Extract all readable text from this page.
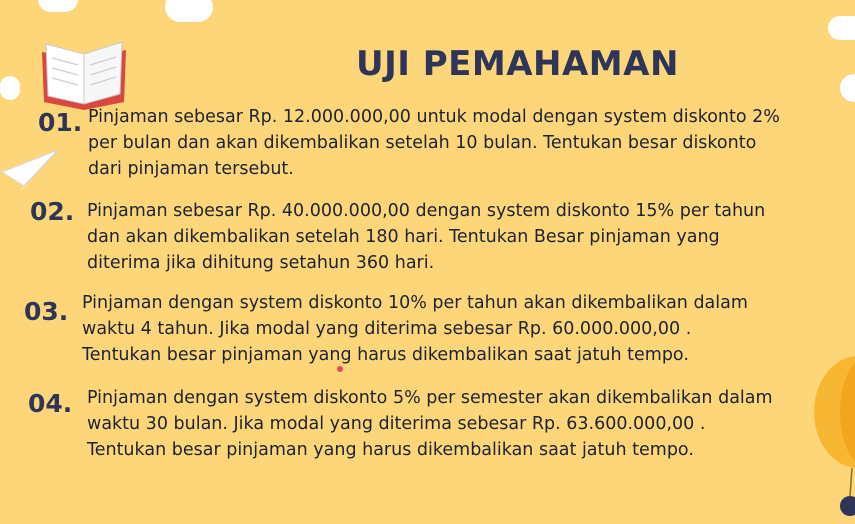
UJI PEMAHAMAN
01. Pinjaman sebesar Rp. 12.000.000,00 untuk modal dengan system diskonto 2%
per bulan dan akan dikembalikan setelah 10 bulan. Tentukan besar diskonto
dari pinjaman tersebut.
02. Pinjaman sebesar Rp. 40.000.000,00 dengan system diskonto 15% per tahun
dan akan dikembalikan setelah 180 hari. Tentukan Besar pinjaman yang
diterima jika dihitung setahun 360 hari.
03. Pinjaman dengan system diskonto 10% per tahun akan dikembalikan dalam
waktu 4 tahun. Jika modal yang diterima sebesar Rp. 60.000.000,00 .
Tentukan besar pinjaman yang harus dikembalikan saat jatuh tempo.
04. Pinjaman dengan system diskonto 5% per semester akan dikembalikan dalam
waktu 30 bulan. Jika modal yang diterima sebesar Rp. 63.600.000,00 .
Tentukan besar pinjaman yang harus dikembalikan saat jatuh tempo.
